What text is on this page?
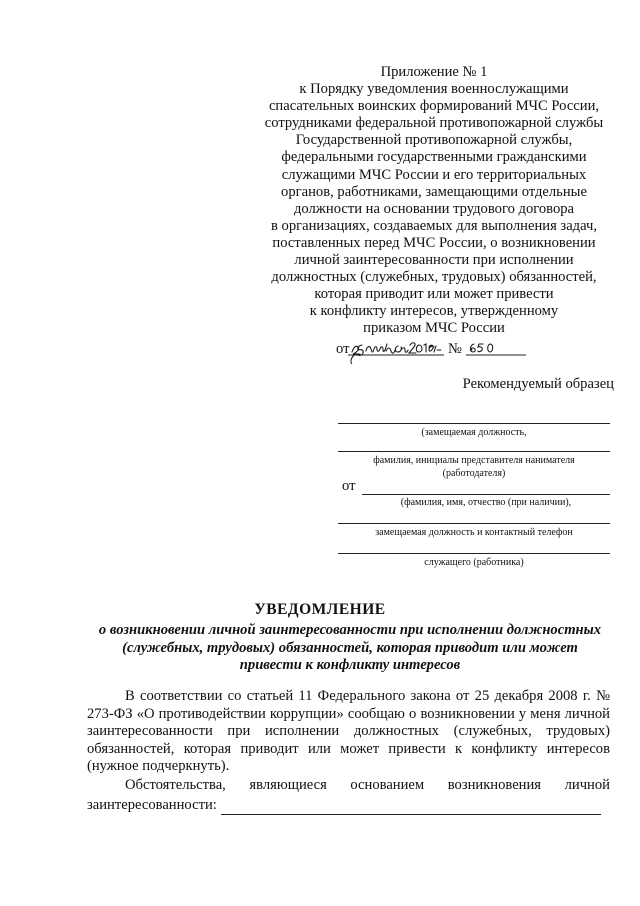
Приложение № 1
к Порядку уведомления военнослужащими
спасательных воинских формирований МЧС России,
сотрудниками федеральной противопожарной службы
Государственной противопожарной службы,
федеральными государственными гражданскими
служащими МЧС России и его территориальных
органов, работниками, замещающими отдельные
должности на основании трудового договора
в организациях, создаваемых для выполнения задач,
поставленных перед МЧС России, о возникновении
личной заинтересованности при исполнении
должностных (служебных, трудовых) обязанностей,
которая приводит или может привести
к конфликту интересов, утвержденному
приказом МЧС России
от	№
Рекомендуемый образец
(замещаемая должность,
фамилия, инициалы представителя нанимателя
(работодателя)
от
(фамилия, имя, отчество (при наличии),
замещаемая должность и контактный телефон
служащего (работника)
УВЕДОМЛЕНИЕ
о возникновении личной заинтересованности при исполнении должностных (служебных, трудовых) обязанностей, которая приводит или может привести к конфликту интересов
В соответствии со статьей 11 Федерального закона от 25 декабря 2008 г. № 273-ФЗ «О противодействии коррупции» сообщаю о возникновении у меня личной заинтересованности при исполнении должностных (служебных, трудовых) обязанностей, которая приводит или может привести к конфликту интересов (нужное подчеркнуть).
Обстоятельства, являющиеся основанием возникновения личной
заинтересованности:
